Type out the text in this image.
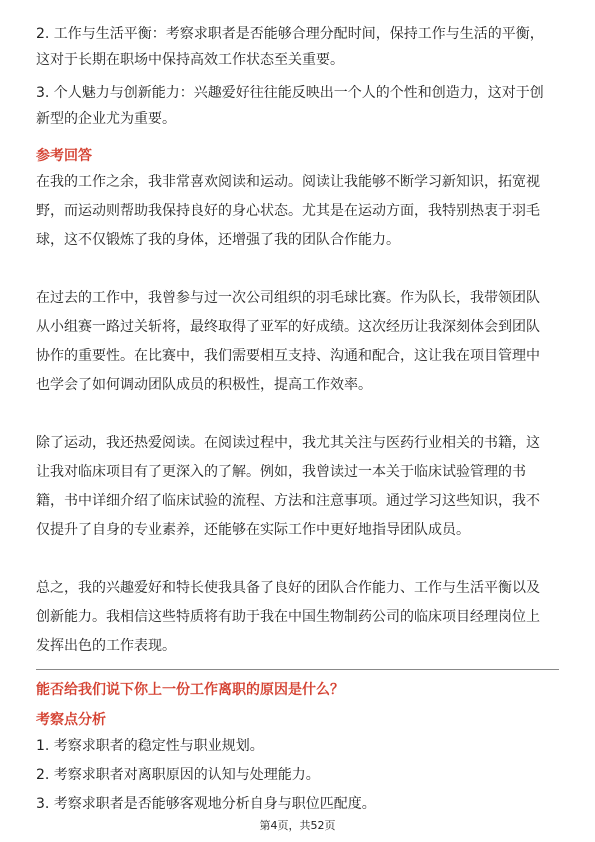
2. 工作与生活平衡：考察求职者是否能够合理分配时间，保持工作与生活的平衡，
这对于长期在职场中保持高效工作状态至关重要。
3. 个人魅力与创新能力：兴趣爱好往往能反映出一个人的个性和创造力，这对于创
新型的企业尤为重要。
参考回答
在我的工作之余，我非常喜欢阅读和运动。阅读让我能够不断学习新知识，拓宽视
野，而运动则帮助我保持良好的身心状态。尤其是在运动方面，我特别热衷于羽毛
球，这不仅锻炼了我的身体，还增强了我的团队合作能力。
在过去的工作中，我曾参与过一次公司组织的羽毛球比赛。作为队长，我带领团队
从小组赛一路过关斩将，最终取得了亚军的好成绩。这次经历让我深刻体会到团队
协作的重要性。在比赛中，我们需要相互支持、沟通和配合，这让我在项目管理中
也学会了如何调动团队成员的积极性，提高工作效率。
除了运动，我还热爱阅读。在阅读过程中，我尤其关注与医药行业相关的书籍，这
让我对临床项目有了更深入的了解。例如，我曾读过一本关于临床试验管理的书
籍，书中详细介绍了临床试验的流程、方法和注意事项。通过学习这些知识，我不
仅提升了自身的专业素养，还能够在实际工作中更好地指导团队成员。
总之，我的兴趣爱好和特长使我具备了良好的团队合作能力、工作与生活平衡以及
创新能力。我相信这些特质将有助于我在中国生物制药公司的临床项目经理岗位上
发挥出色的工作表现。
能否给我们说下你上一份工作离职的原因是什么？
考察点分析
1. 考察求职者的稳定性与职业规划。
2. 考察求职者对离职原因的认知与处理能力。
3. 考察求职者是否能够客观地分析自身与职位匹配度。
第4页，共52页
